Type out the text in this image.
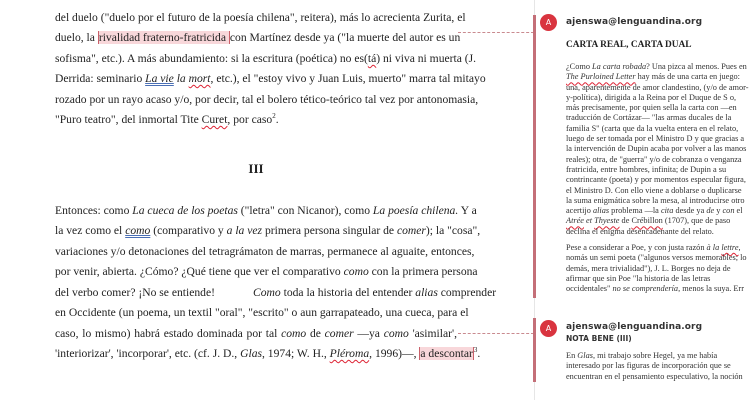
del duelo ("duelo por el futuro de la poesía chilena", reitera), más lo acrecienta Zurita, el
duelo, la rivalidad fraterno-fratricida con Martínez desde ya ("la muerte del autor es un
sofisma", etc.). A más abundamiento: si la escritura (poética) no es(tá) ni viva ni muerta (J.
Derrida: seminario La vie la mort, etc.), el "estoy vivo y Juan Luis, muerto" marra tal mitayo
rozado por un rayo acaso y/o, por decir, tal el bolero tético-teórico tal vez por antonomasia,
"Puro teatro", del inmortal Tite Curet, por caso$^2$.
III
Entonces: como La cueca de los poetas ("letra" con Nicanor), como La poesía chilena. Y a
la vez como el como (comparativo y a la vez primera persona singular de comer); la "cosa",
variaciones y/o detonaciones del tetragrámaton de marras, permanece al aguaite, entonces,
por venir, abierta. ¿Cómo? ¿Qué tiene que ver el comparativo como con la primera persona
del verbo comer? ¡No se entiende!	Como toda la historia del entender alias comprender
en Occidente (un poema, un textil "oral", "escrito" o aun garrapateado, una cueca, para el
caso, lo mismo) habrá estado dominada por tal como de comer —ya como 'asimilar',
'interiorizar', 'incorporar', etc. (cf. J. D., Glas, 1974; W. H., Pléroma, 1996)—, a descontar$^3$.
A	ajenswa@lenguandina.org
CARTA REAL, CARTA DUAL
¿Como La carta robada? Una pizca al menos. Pues en
The Purloined Letter hay más de una carta en juego:
una, aparentemente de amor clandestino, (y/o de amor-
y-política), dirigida a la Reina por el Duque de S o,
más precisamente, por quien sella la carta con —en
traducción de Cortázar— "las armas ducales de la
familia S" (carta que da la vuelta entera en el relato,
luego de ser tomada por el Ministro D y que gracias a
la intervención de Dupin acaba por volver a las manos
reales); otra, de "guerra" y/o de cobranza o venganza
fratricida, entre hombres, infinita; de Dupin a su
contrincante (poeta) y por momentos especular figura,
el Ministro D. Con ello viene a doblarse o duplicarse
la suma enigmática sobre la mesa, al introducirse otro
acertijo alias problema —la cita desde ya de y con el
Atrée et Thyeste de Crébillon (1707), que de paso
declina el enigma desencadenante del relato.
Pese a considerar a Poe, y con justa razón à la lettre,
nomás un semi poeta ("algunos versos memorables; lo
demás, mera trivialidad"), J. L. Borges no deja de
afirmar que sin Poe "la historia de las letras
occidentales" no se comprendería, menos la suya. Err
A	ajenswa@lenguandina.org
NOTA BENE (III)
En Glas, mi trabajo sobre Hegel, ya me había
interesado por las figuras de incorporación que se
encuentran en el pensamiento especulativo, la noción
